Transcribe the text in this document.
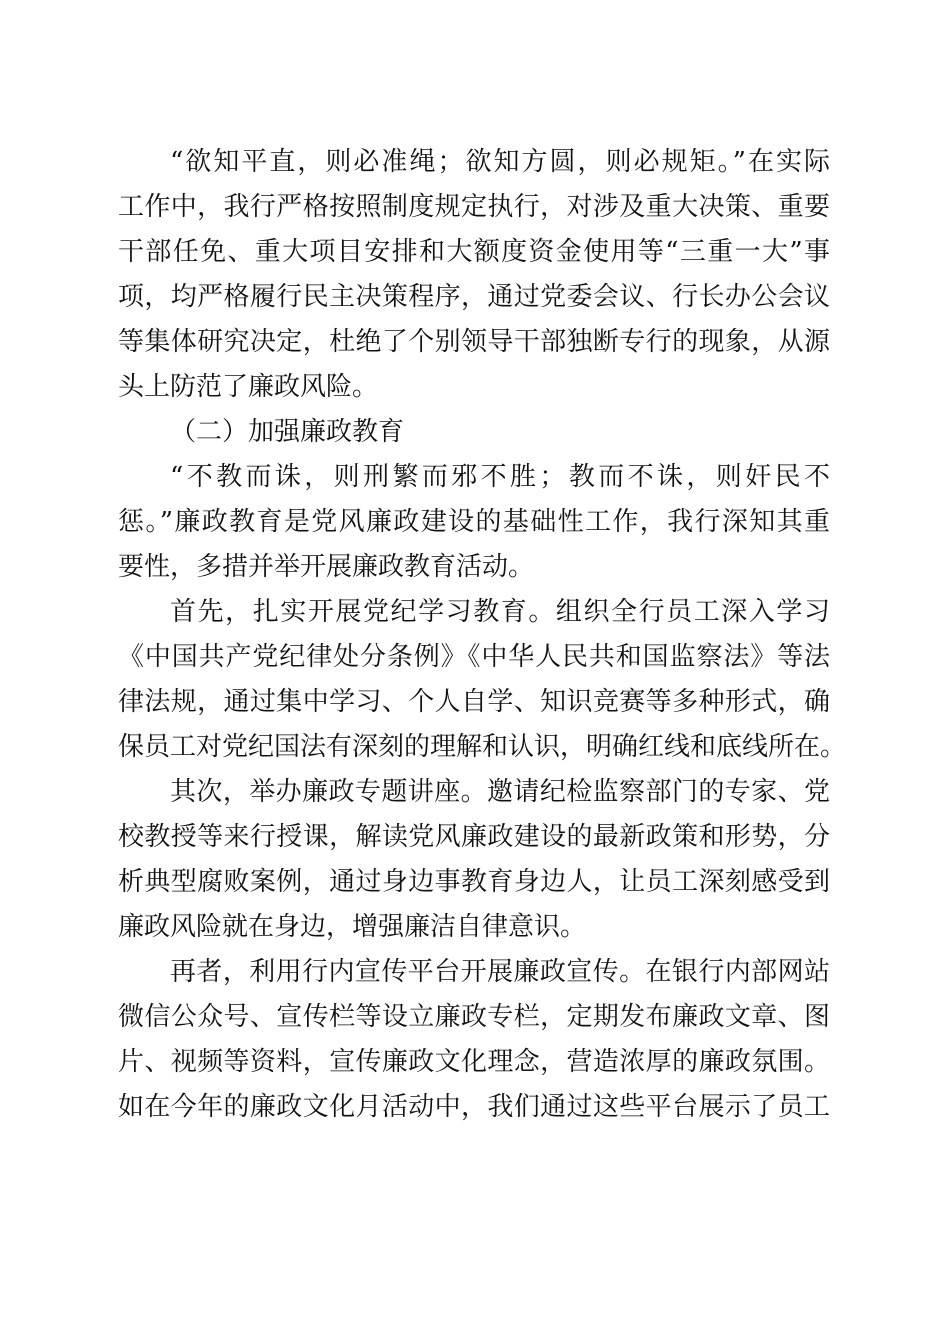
“欲知平直，则必准绳；欲知方圆，则必规矩。”在实际
工作中，我行严格按照制度规定执行，对涉及重大决策、重要
干部任免、重大项目安排和大额度资金使用等“三重一大”事
项，均严格履行民主决策程序，通过党委会议、行长办公会议
等集体研究决定，杜绝了个别领导干部独断专行的现象，从源
头上防范了廉政风险。
（二）加强廉政教育
“不教而诛，则刑繁而邪不胜；教而不诛，则奸民不
惩。”廉政教育是党风廉政建设的基础性工作，我行深知其重
要性，多措并举开展廉政教育活动。
首先，扎实开展党纪学习教育。组织全行员工深入学习
《中国共产党纪律处分条例》《中华人民共和国监察法》等法
律法规，通过集中学习、个人自学、知识竞赛等多种形式，确
保员工对党纪国法有深刻的理解和认识，明确红线和底线所在。
其次，举办廉政专题讲座。邀请纪检监察部门的专家、党
校教授等来行授课，解读党风廉政建设的最新政策和形势，分
析典型腐败案例，通过身边事教育身边人，让员工深刻感受到
廉政风险就在身边，增强廉洁自律意识。
再者，利用行内宣传平台开展廉政宣传。在银行内部网站
微信公众号、宣传栏等设立廉政专栏，定期发布廉政文章、图
片、视频等资料，宣传廉政文化理念，营造浓厚的廉政氛围。
如在今年的廉政文化月活动中，我们通过这些平台展示了员工
